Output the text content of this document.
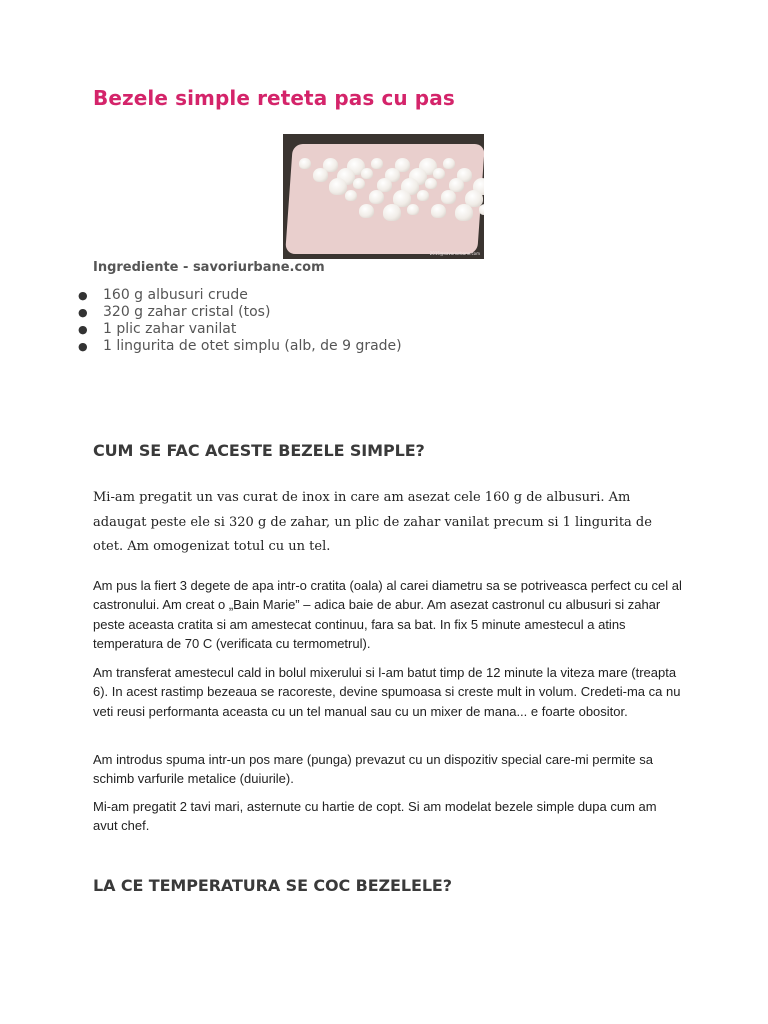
Bezele simple reteta pas cu pas
2015@savoriurbane.com
Ingrediente - savoriurbane.com
● 160 g albusuri crude
● 320 g zahar cristal (tos)
● 1 plic zahar vanilat
● 1 lingurita de otet simplu (alb, de 9 grade)
CUM SE FAC ACESTE BEZELE SIMPLE?

Mi-am pregatit un vas curat de inox in care am asezat cele 160 g de albusuri. Am adaugat peste ele si 320 g de zahar, un plic de zahar vanilat precum si 1 lingurita de otet. Am omogenizat totul cu un tel.

Am pus la fiert 3 degete de apa intr-o cratita (oala) al carei diametru sa se potriveasca perfect cu cel al castronului. Am creat o „Bain Marie” – adica baie de abur. Am asezat castronul cu albusuri si zahar peste aceasta cratita si am amestecat continuu, fara sa bat. In fix 5 minute amestecul a atins temperatura de 70 C (verificata cu termometrul).

Am transferat amestecul cald in bolul mixerului si l-am batut timp de 12 minute la viteza mare (treapta 6). In acest rastimp bezeaua se racoreste, devine spumoasa si creste mult in volum. Credeti-ma ca nu veti reusi performanta aceasta cu un tel manual sau cu un mixer de mana... e foarte obositor.

Am introdus spuma intr-un pos mare (punga) prevazut cu un dispozitiv special care-mi permite sa schimb varfurile metalice (duiurile).

Mi-am pregatit 2 tavi mari, asternute cu hartie de copt. Si am modelat bezele simple dupa cum am avut chef.

LA CE TEMPERATURA SE COC BEZELELE?
